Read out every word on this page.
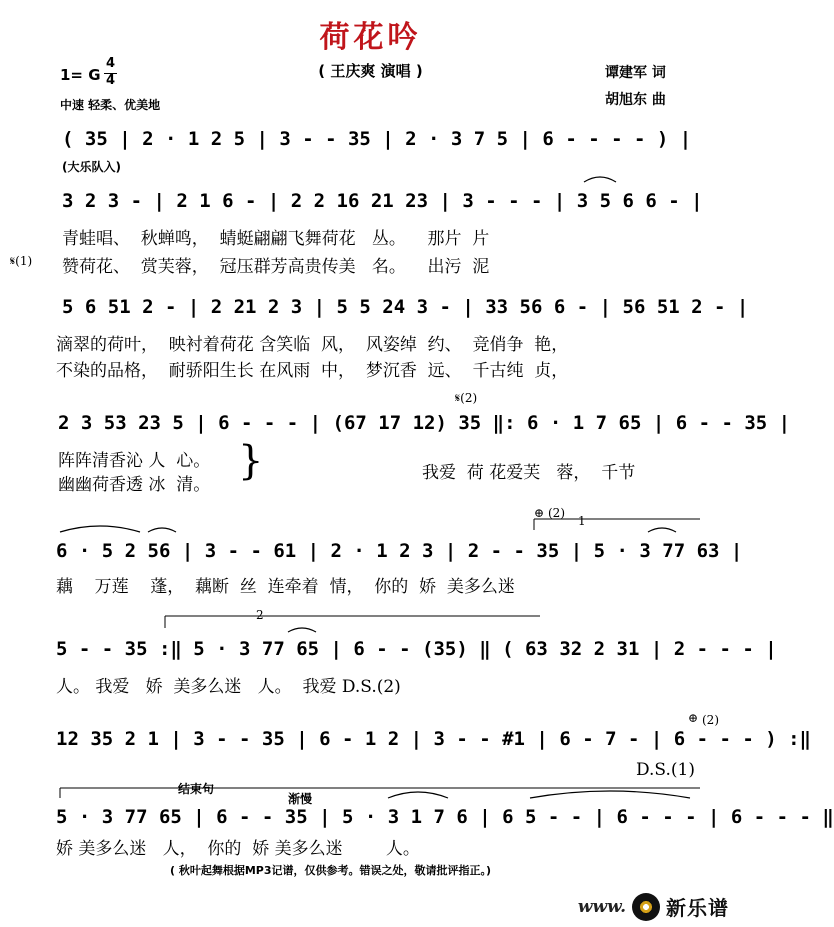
荷花吟
( 王庆爽 演唱 )
1= G
4
4
中速 轻柔、优美地
谭建军 词
胡旭东 曲
( 35 | 2 · 1 2 5 | 3 - - 35 | 2 · 3 7 5 | 6 - - - - ) |
(大乐队入)
3 2 3 - | 2 1 6 - | 2 2 16 21 23 | 3 - - - | 3 5 6 6 - |
青蛙唱、  秋蝉鸣，  蜻蜓翩翩飞舞荷花   丛。    那片  片
𝄋(1) 赞荷花、  赏芙蓉，  冠压群芳高贵传美   名。    出污  泥
5 6 51 2 - | 2 21 2 3 | 5 5 24 3 - | 33 56 6 - | 56 51 2 - |
滴翠的荷叶，  映衬着荷花 含笑临  风，  风姿绰  约、  竞俏争  艳，
不染的品格，  耐骄阳生长 在风雨  中，  梦沉香  远、  千古纯  贞，
𝄋(2)
2 3 53 23 5 | 6 - - - | (67 17 12) 35 ‖: 6 · 1 7 65 | 6 - - 35 |
阵阵清香沁 人  心。
幽幽荷香透 冰  清。
}	我爱  荷 花爱芙   蓉，  千节
⊕ (2)
1
6 · 5 2 56 | 3 - - 61 | 2 · 1 2 3 | 2 - - 35 | 5 · 3 77 63 |
藕    万莲    蓬，  藕断  丝  连牵着  情，  你的  娇  美多么迷
2
5 - - 35 :‖ 5 · 3 77 65 | 6 - - (35) ‖ ( 63 32 2 31 | 2 - - - |
人。 我爱   娇  美多么迷   人。  我爱 D.S.(2)
⊕ (2)
12 35 2 1 | 3 - - 35 | 6 - 1 2 | 3 - - #1 | 6 - 7 - | 6 - - - ) :‖
D.S.(1)
结束句
渐慢
5 · 3 77 65 | 6 - - 35 | 5 · 3 1 7 6 | 6 5 - - | 6 - - - | 6 - - - ‖
娇 美多么迷   人，  你的  娇 美多么迷        人。
( 秋叶起舞根据MP3记谱，仅供参考。错误之处，敬请批评指正。)
www. 新乐谱
